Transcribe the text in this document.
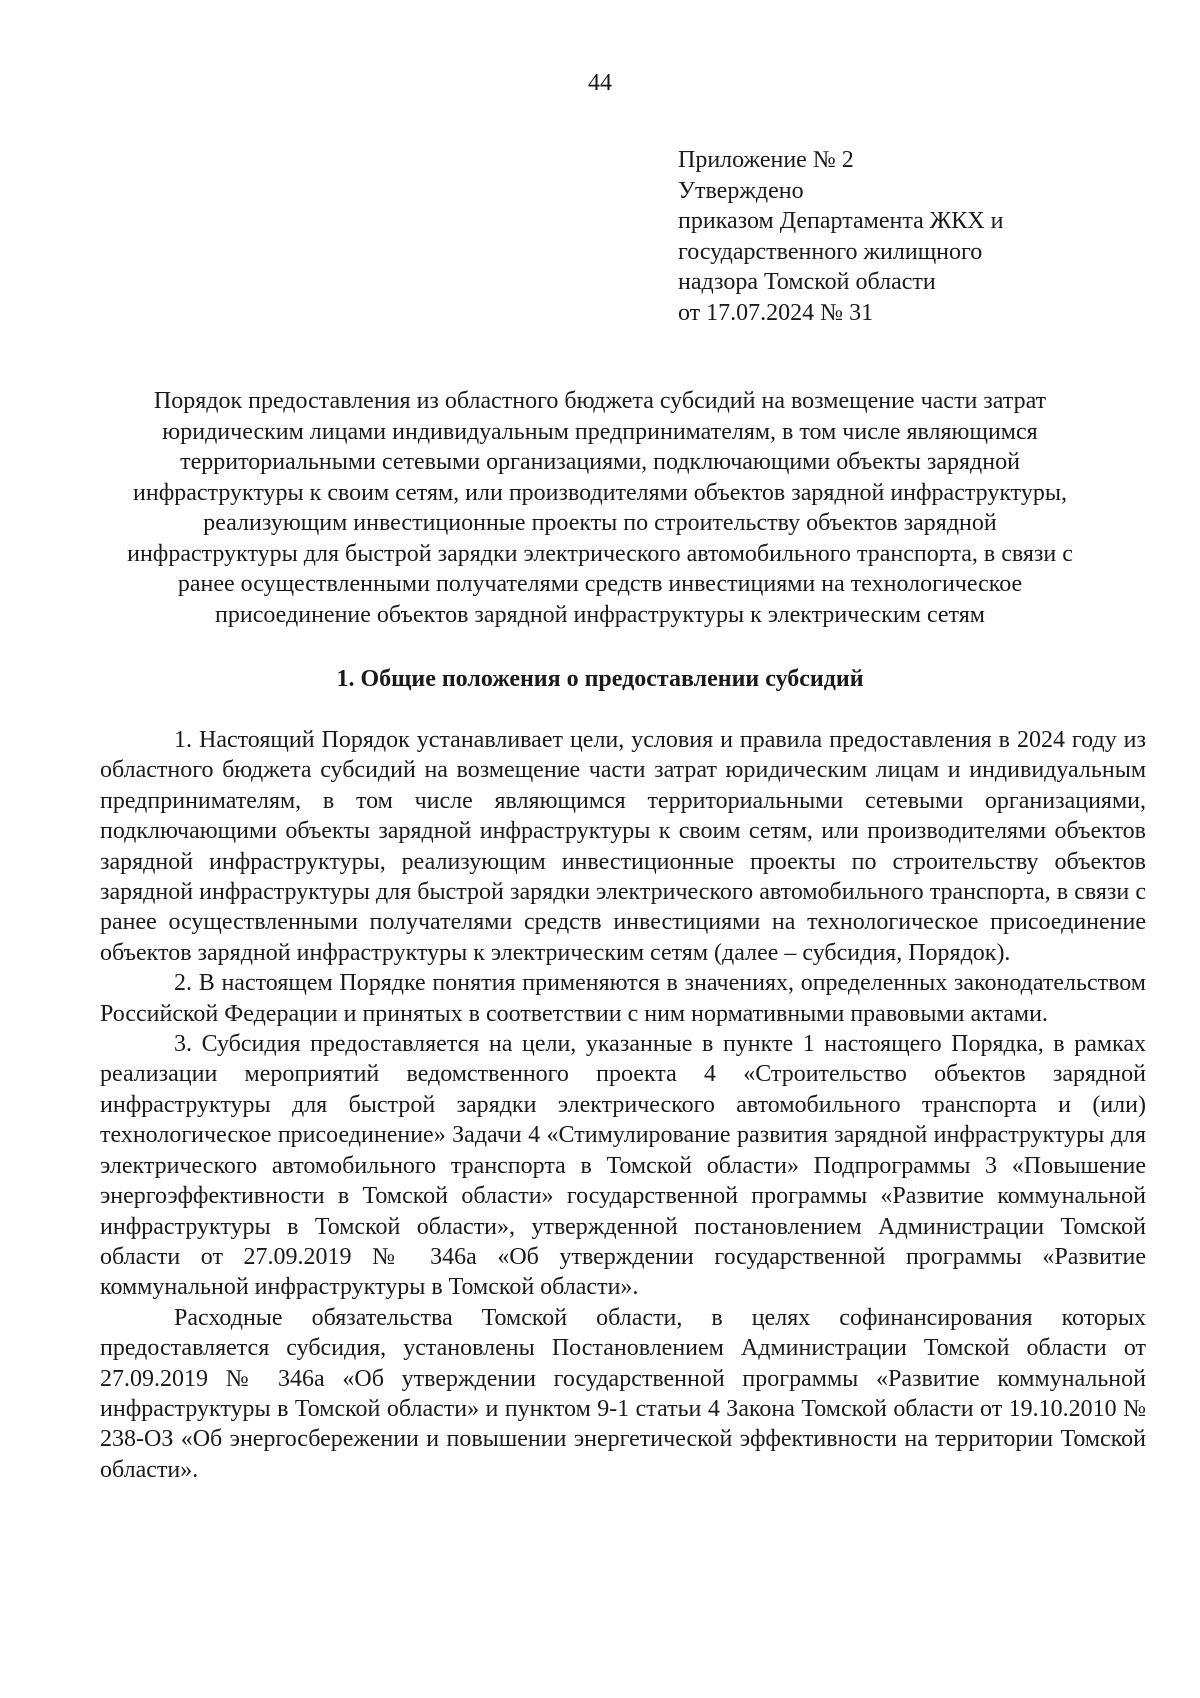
44
Приложение № 2
Утверждено
приказом Департамента ЖКХ и
государственного жилищного
надзора Томской области
от 17.07.2024 № 31
Порядок предоставления из областного бюджета субсидий на возмещение части затрат
юридическим лицами индивидуальным предпринимателям, в том числе являющимся
территориальными сетевыми организациями, подключающими объекты зарядной
инфраструктуры к своим сетям, или производителями объектов зарядной инфраструктуры,
реализующим инвестиционные проекты по строительству объектов зарядной
инфраструктуры для быстрой зарядки электрического автомобильного транспорта, в связи с
ранее осуществленными получателями средств инвестициями на технологическое
присоединение объектов зарядной инфраструктуры к электрическим сетям
1. Общие положения о предоставлении субсидий

1. Настоящий Порядок устанавливает цели, условия и правила предоставления в 2024 году из областного бюджета субсидий на возмещение части затрат юридическим лицам и индивидуальным предпринимателям, в том числе являющимся территориальными сетевыми организациями, подключающими объекты зарядной инфраструктуры к своим сетям, или производителями объектов зарядной инфраструктуры, реализующим инвестиционные проекты по строительству объектов зарядной инфраструктуры для быстрой зарядки электрического автомобильного транспорта, в связи с ранее осуществленными получателями средств инвестициями на технологическое присоединение объектов зарядной инфраструктуры к электрическим сетям (далее – субсидия, Порядок).

2. В настоящем Порядке понятия применяются в значениях, определенных законодательством Российской Федерации и принятых в соответствии с ним нормативными правовыми актами.

3. Субсидия предоставляется на цели, указанные в пункте 1 настоящего Порядка, в рамках реализации мероприятий ведомственного проекта 4 «Строительство объектов зарядной инфраструктуры для быстрой зарядки электрического автомобильного транспорта и (или) технологическое присоединение» Задачи 4 «Стимулирование развития зарядной инфраструктуры для электрического автомобильного транспорта в Томской области» Подпрограммы 3 «Повышение энергоэффективности в Томской области» государственной программы «Развитие коммунальной инфраструктуры в Томской области», утвержденной постановлением Администрации Томской области от 27.09.2019 № 346а «Об утверждении государственной программы «Развитие коммунальной инфраструктуры в Томской области».

Расходные обязательства Томской области, в целях софинансирования которых предоставляется субсидия, установлены Постановлением Администрации Томской области от 27.09.2019 № 346а «Об утверждении государственной программы «Развитие коммунальной инфраструктуры в Томской области» и пунктом 9-1 статьи 4 Закона Томской области от 19.10.2010 № 238-ОЗ «Об энергосбережении и повышении энергетической эффективности на территории Томской области».
